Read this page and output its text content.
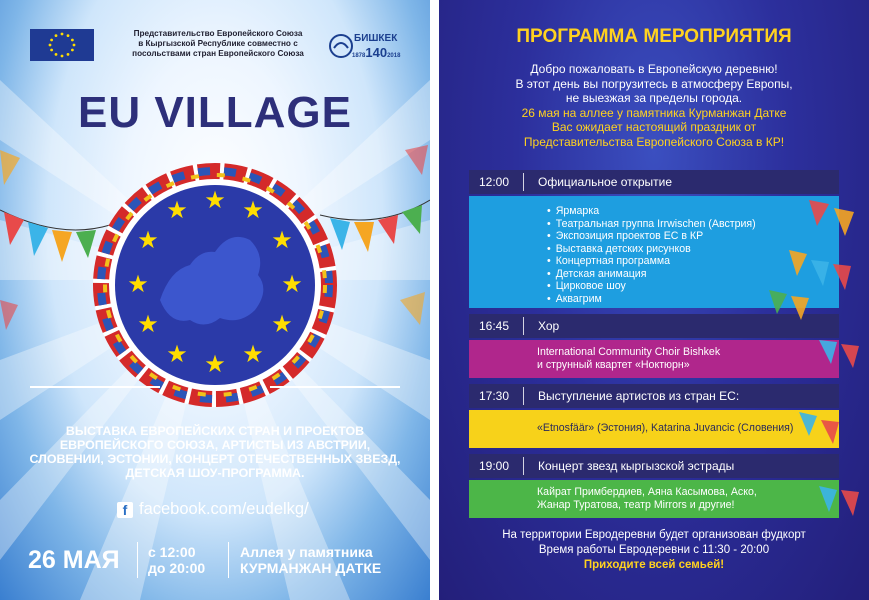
Представительство Европейского Союза
в Кыргызской Республике совместно с
посольствами стран Европейского Союза
БИШКЕК
18781402018
EU VILLAGE
★ ★
★
★
★
★
★
★
★
★
★
★
ВЫСТАВКА ЕВРОПЕЙСКИХ СТРАН И ПРОЕКТОВ
ЕВРОПЕЙСКОГО СОЮЗА, АРТИСТЫ ИЗ АВСТРИИ,
СЛОВЕНИИ, ЭСТОНИИ, КОНЦЕРТ ОТЕЧЕСТВЕННЫХ ЗВЕЗД,
ДЕТСКАЯ ШОУ-ПРОГРАММА.
f facebook.com/eudelkg/
26 МАЯ с 12:00
до 20:00
Аллея у памятника
КУРМАНЖАН ДАТКЕ
ПРОГРАММА МЕРОПРИЯТИЯ
Добро пожаловать в Европейскую деревню!
В этот день вы погрузитесь в атмосферу Европы,
не выезжая за пределы города.
26 мая на аллее у памятника Курманжан Датке
Вас ожидает настоящий праздник от
Представительства Европейского Союза в КР!
12:00	Официальное открытие
• Ярмарка
• Театральная группа Irrwischen (Австрия)
• Экспозиция проектов ЕС в КР
• Выставка детских рисунков
• Концертная программа
• Детская анимация
• Цирковое шоу
• Аквагрим
16:45	Хор
International Community Choir Bishkek
и струнный квартет «Ноктюрн»
17:30	Выступление артистов из стран ЕС:
«Etnosfäär» (Эстония), Katarina Juvancic (Словения)
19:00	Концерт звезд кыргызской эстрады
Кайрат Примбердиев, Аяна Касымова, Аско,
Жанар Туратова, театр Mirrors и другие!
На территории Евродеревни будет организован фудкорт
Время работы Евродеревни с 11:30 - 20:00
Приходите всей семьей!
